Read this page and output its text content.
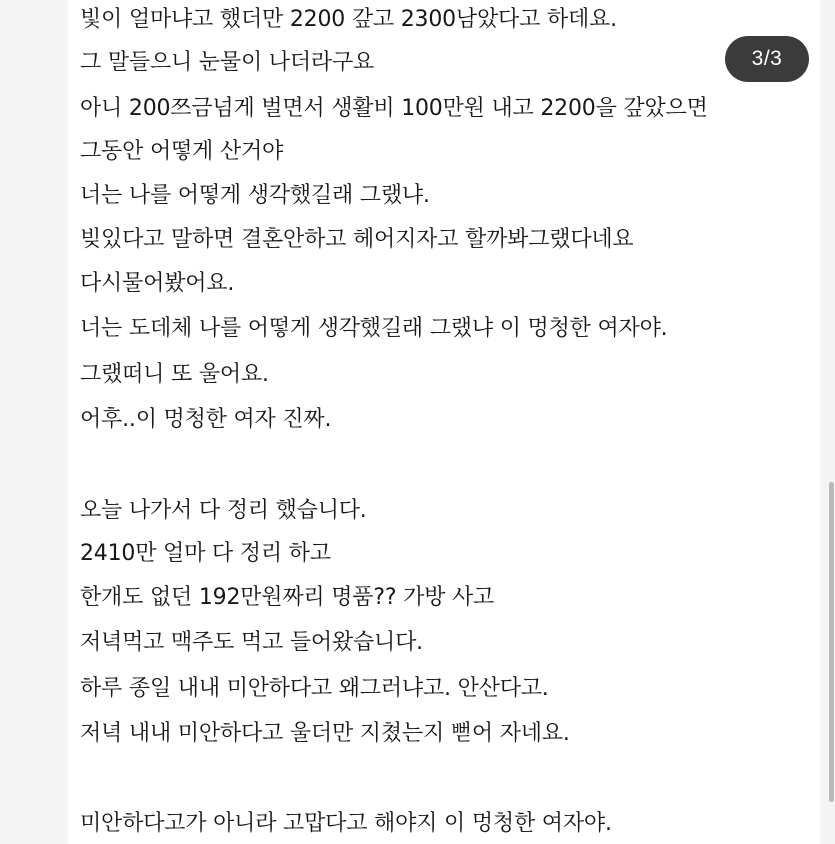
빛이 얼마냐고 했더만 2200 갚고 2300남았다고 하데요.
그 말들으니 눈물이 나더라구요
아니 200쯔금넘게 벌면서 생활비 100만원 내고 2200을 갚았으면
그동안 어떻게 산거야
너는 나를 어떻게 생각했길래 그랬냐.
빚있다고 말하면 결혼안하고 헤어지자고 할까봐그랬다네요
다시물어봤어요.
너는 도데체 나를 어떻게 생각했길래 그랬냐 이 멍청한 여자야.
그랬떠니 또 울어요.
어후..이 멍청한 여자 진짜.
오늘 나가서 다 정리 했습니다.
2410만 얼마 다 정리 하고
한개도 없던 192만원짜리 명품?? 가방 사고
저녁먹고 맥주도 먹고 들어왔습니다.
하루 종일 내내 미안하다고 왜그러냐고. 안산다고.
저녁 내내 미안하다고 울더만 지쳤는지 뻗어 자네요.
미안하다고가 아니라 고맙다고 해야지 이 멍청한 여자야.
3/3
